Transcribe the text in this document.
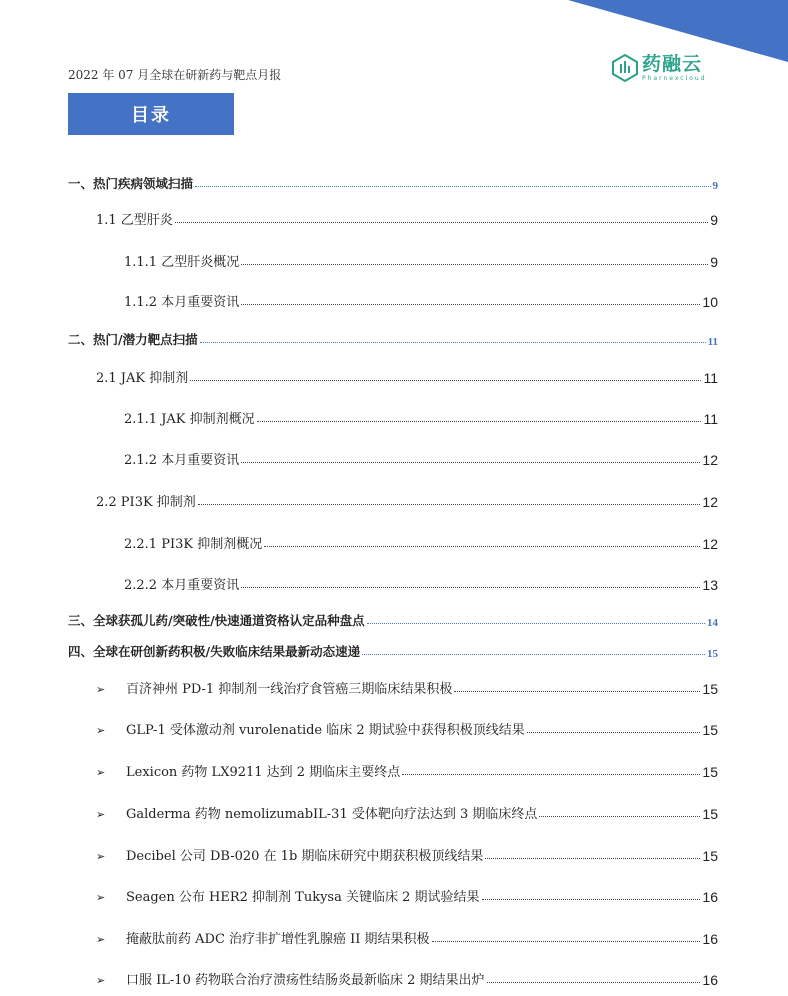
2022 年 07 月全球在研新药与靶点月报	药融云
Pharnexcloud
目录
一、热门疾病领域扫描	9
1.1 乙型肝炎	9
1.1.1 乙型肝炎概况	9
1.1.2 本月重要资讯	10
二、热门/潜力靶点扫描	11
2.1 JAK 抑制剂	11
2.1.1 JAK 抑制剂概况	11
2.1.2 本月重要资讯	12
2.2 PI3K 抑制剂	12
2.2.1 PI3K 抑制剂概况	12
2.2.2 本月重要资讯	13
三、全球获孤儿药/突破性/快速通道资格认定品种盘点	14
四、全球在研创新药积极/失败临床结果最新动态速递	15
➢ 百济神州 PD-1 抑制剂一线治疗食管癌三期临床结果积极	15
➢ GLP-1 受体激动剂 vurolenatide 临床 2 期试验中获得积极顶线结果	15
➢ Lexicon 药物 LX9211 达到 2 期临床主要终点	15
➢ Galderma 药物 nemolizumabIL-31 受体靶向疗法达到 3 期临床终点	15
➢ Decibel 公司 DB-020 在 1b 期临床研究中期获积极顶线结果	15
➢ Seagen 公布 HER2 抑制剂 Tukysa 关键临床 2 期试验结果	16
➢ 掩蔽肽前药 ADC 治疗非扩增性乳腺癌 II 期结果积极	16
➢ 口服 IL-10 药物联合治疗溃疡性结肠炎最新临床 2 期结果出炉	16
